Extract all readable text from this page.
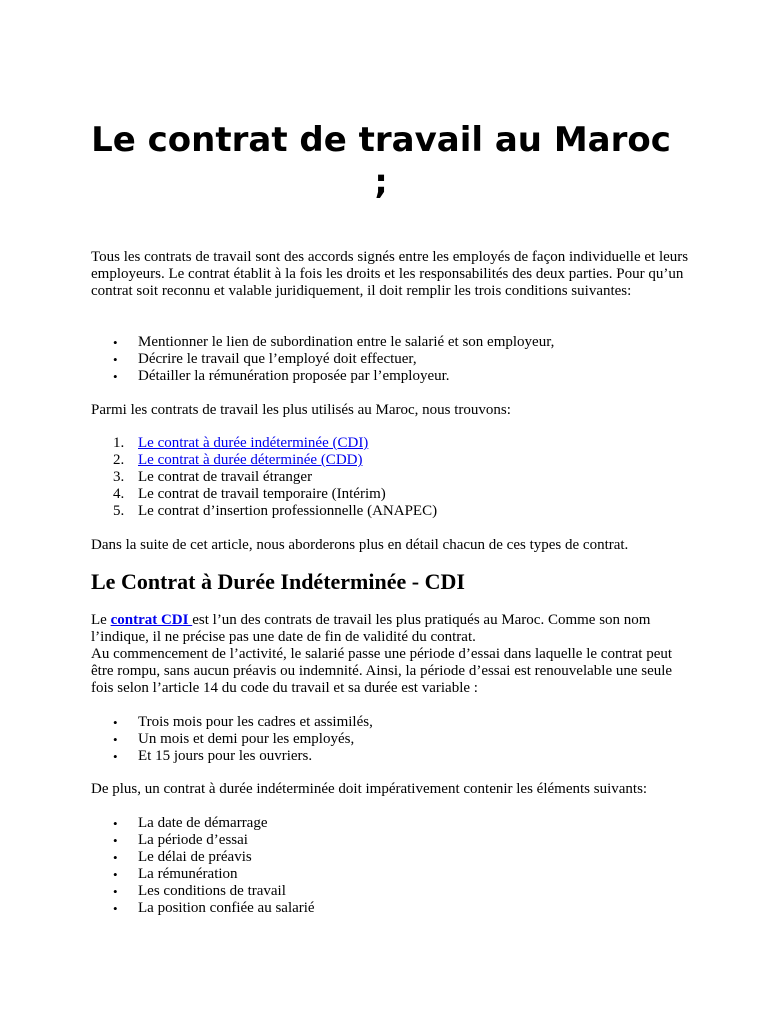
Le contrat de travail au Maroc ;

Tous les contrats de travail sont des accords signés entre les employés de façon individuelle et leurs employeurs. Le contrat établit à la fois les droits et les responsabilités des deux parties. Pour qu’un contrat soit reconnu et valable juridiquement, il doit remplir les trois conditions suivantes:

• Mentionner le lien de subordination entre le salarié et son employeur,
• Décrire le travail que l’employé doit effectuer,
• Détailler la rémunération proposée par l’employeur.

Parmi les contrats de travail les plus utilisés au Maroc, nous trouvons:

1. Le contrat à durée indéterminée (CDI)
2. Le contrat à durée déterminée (CDD)
3. Le contrat de travail étranger
4. Le contrat de travail temporaire (Intérim)
5. Le contrat d’insertion professionnelle (ANAPEC)

Dans la suite de cet article, nous aborderons plus en détail chacun de ces types de contrat.

Le Contrat à Durée Indéterminée - CDI

Le contrat CDI est l’un des contrats de travail les plus pratiqués au Maroc. Comme son nom l’indique, il ne précise pas une date de fin de validité du contrat.
Au commencement de l’activité, le salarié passe une période d’essai dans laquelle le contrat peut être rompu, sans aucun préavis ou indemnité. Ainsi, la période d’essai est renouvelable une seule fois selon l’article 14 du code du travail et sa durée est variable :

• Trois mois pour les cadres et assimilés,
• Un mois et demi pour les employés,
• Et 15 jours pour les ouvriers.

De plus, un contrat à durée indéterminée doit impérativement contenir les éléments suivants:

• La date de démarrage
• La période d’essai
• Le délai de préavis
• La rémunération
• Les conditions de travail
• La position confiée au salarié
